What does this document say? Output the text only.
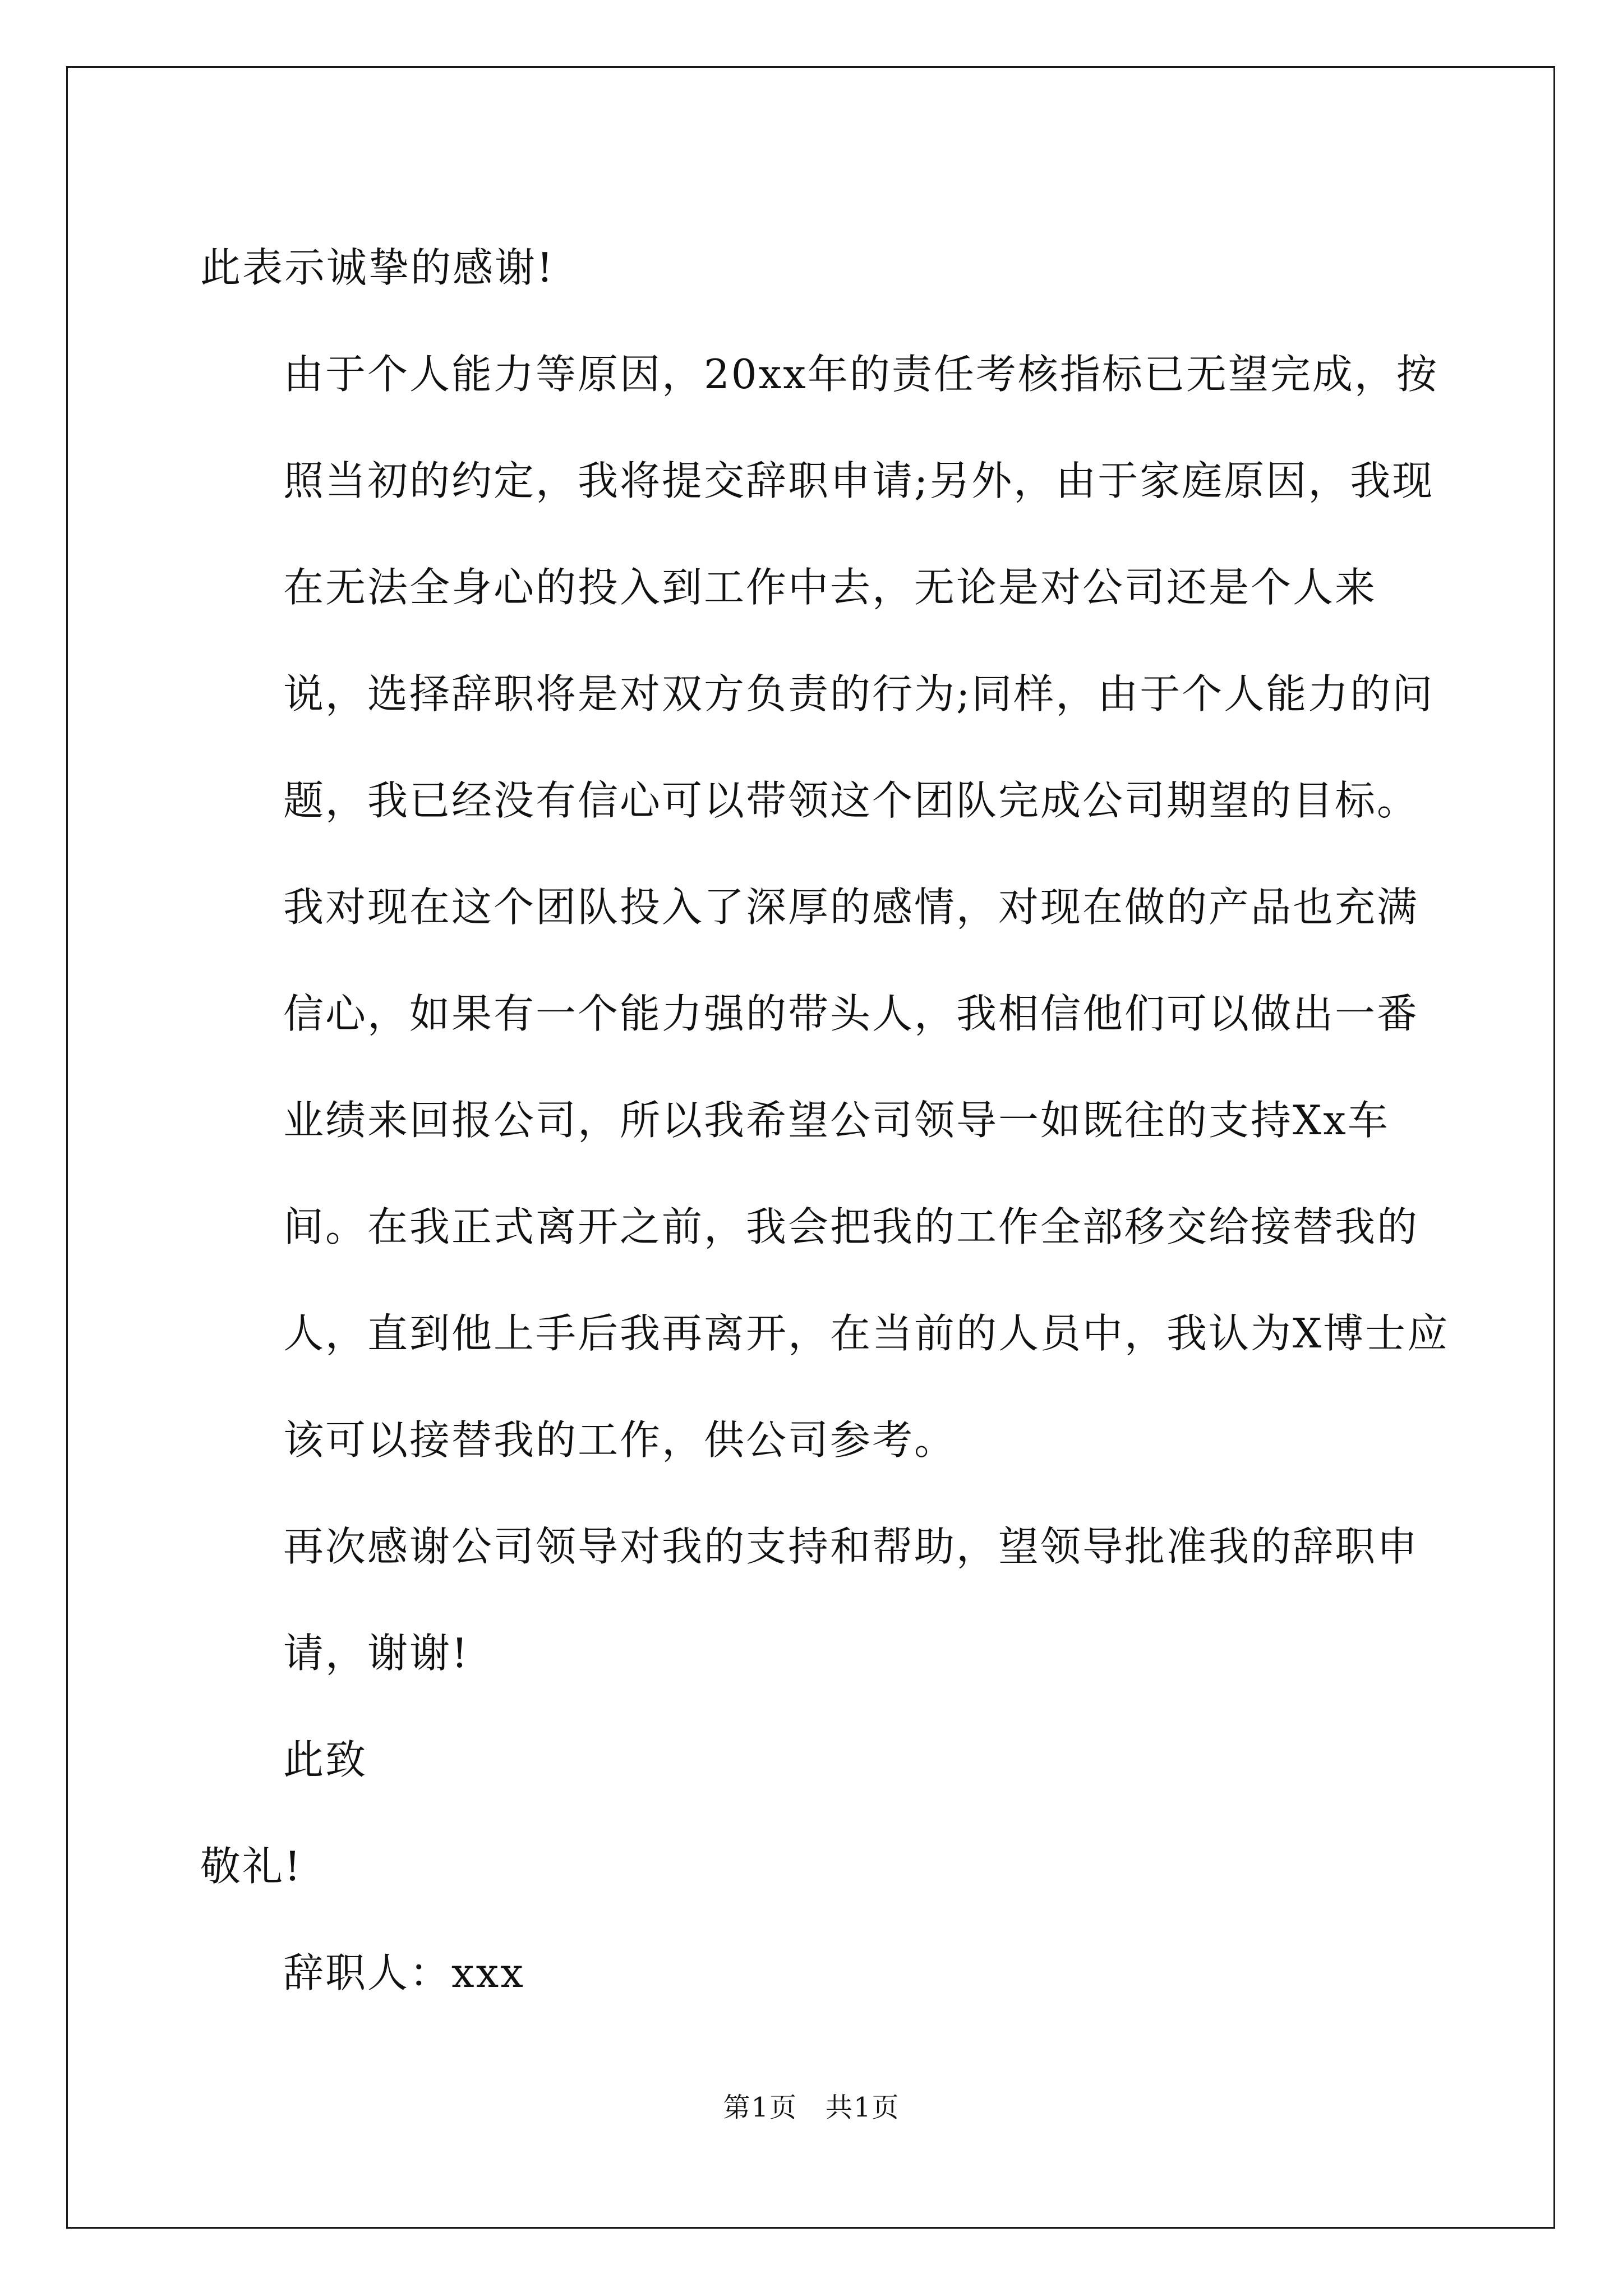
此表示诚挚的感谢!

由于个人能力等原因，20xx年的责任考核指标已无望完成，按照当初的约定，我将提交辞职申请;另外，由于家庭原因，我现在无法全身心的投入到工作中去，无论是对公司还是个人来说，选择辞职将是对双方负责的行为;同样，由于个人能力的问题，我已经没有信心可以带领这个团队完成公司期望的目标。

我对现在这个团队投入了深厚的感情，对现在做的产品也充满信心，如果有一个能力强的带头人，我相信他们可以做出一番业绩来回报公司，所以我希望公司领导一如既往的支持Xx车间。在我正式离开之前，我会把我的工作全部移交给接替我的人，直到他上手后我再离开，在当前的人员中，我认为X博士应该可以接替我的工作，供公司参考。

再次感谢公司领导对我的支持和帮助，望领导批准我的辞职申请，谢谢!

此致

敬礼!

辞职人：xxx

第1页　共1页
